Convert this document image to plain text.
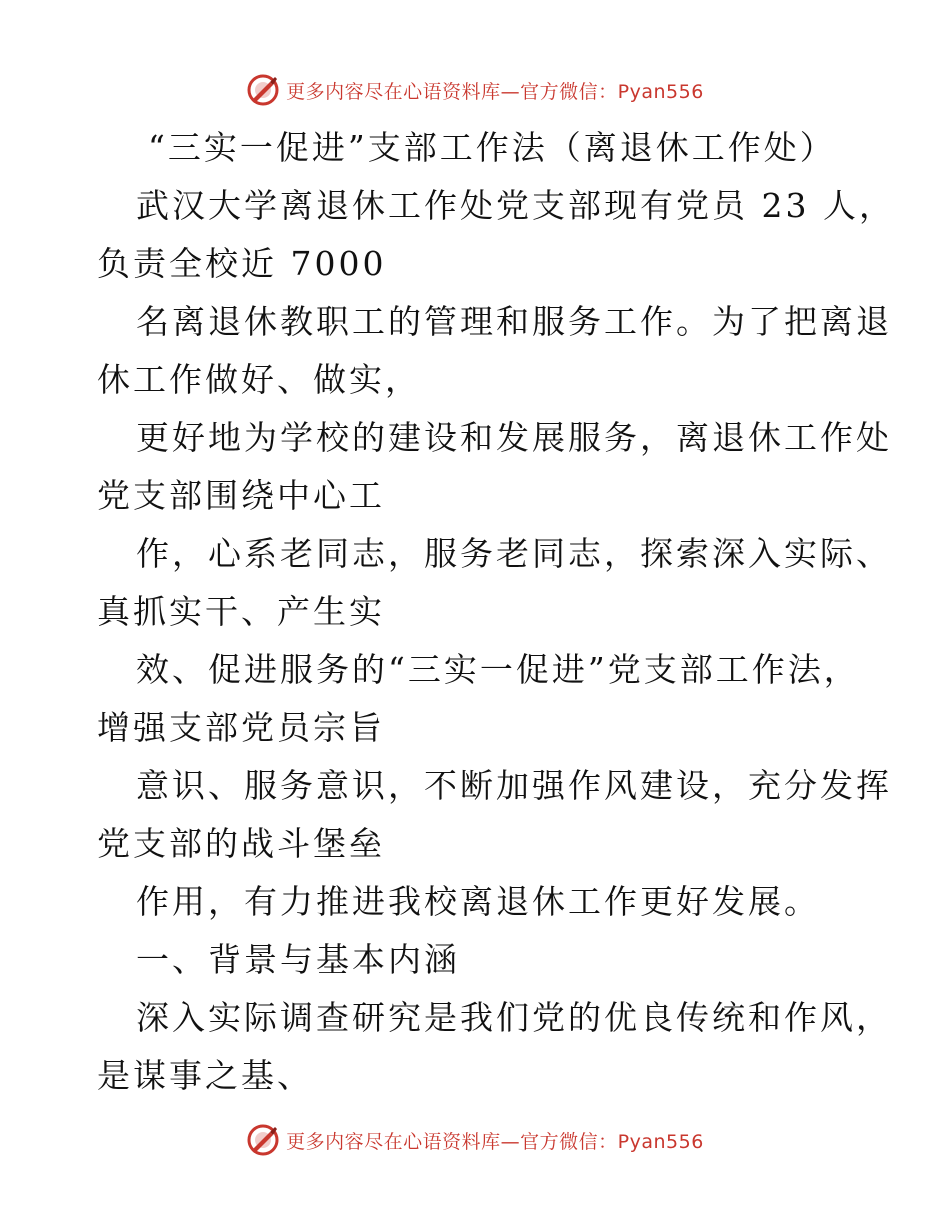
更多内容尽在心语资料库—官方微信：Pyan556
“三实一促进”支部工作法（离退休工作处）
武汉大学离退休工作处党支部现有党员 23 人，
负责全校近 7000
名离退休教职工的管理和服务工作。为了把离退
休工作做好、做实，
更好地为学校的建设和发展服务，离退休工作处
党支部围绕中心工
作，心系老同志，服务老同志，探索深入实际、
真抓实干、产生实
效、促进服务的“三实一促进”党支部工作法，
增强支部党员宗旨
意识、服务意识，不断加强作风建设，充分发挥
党支部的战斗堡垒
作用，有力推进我校离退休工作更好发展。
一、背景与基本内涵
深入实际调查研究是我们党的优良传统和作风，
是谋事之基、
更多内容尽在心语资料库—官方微信：Pyan556
